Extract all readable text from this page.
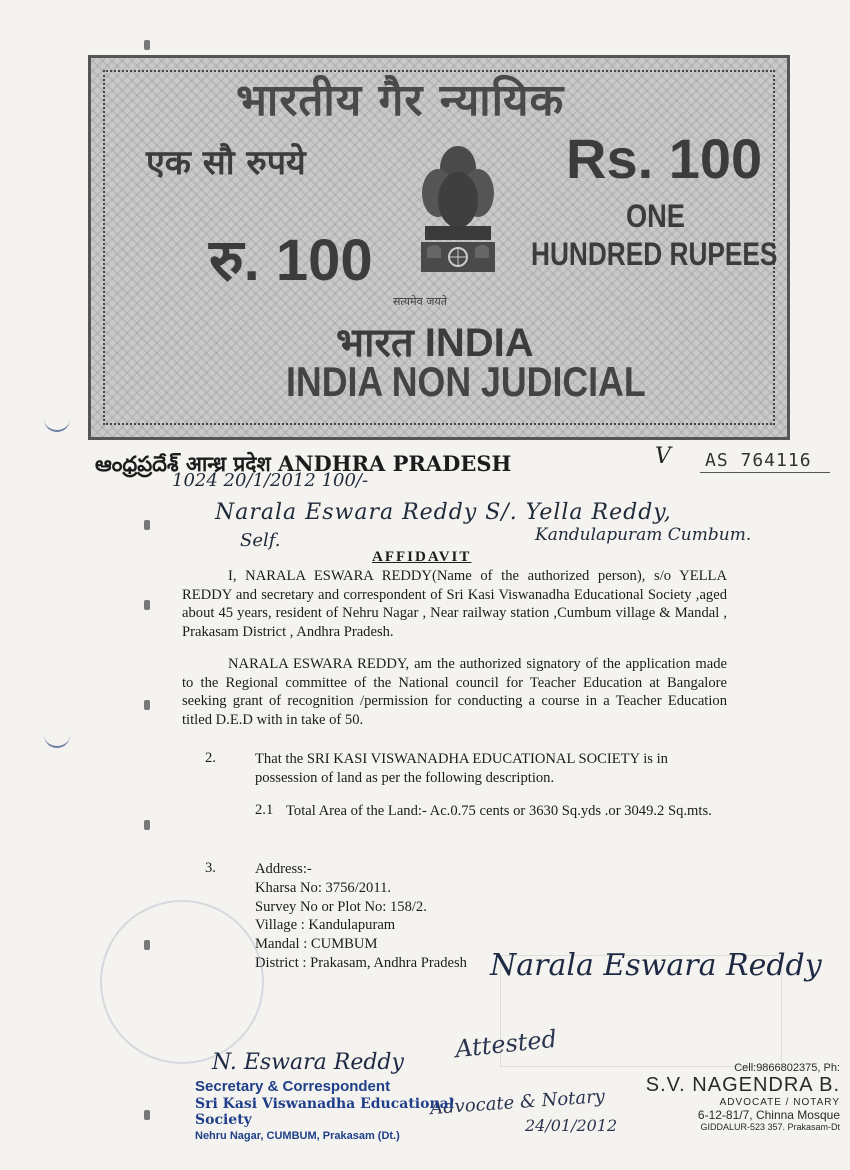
भारतीय गैर न्यायिक
एक सौ रुपये	Rs. 100
ONE
HUNDRED RUPEES
रु. 100
सत्यमेव जयते
भारत INDIA
INDIA NON JUDICIAL
ఆంధ్రప్రదేశ్ आन्ध्र प्रदेश ANDHRA PRADESH	V AS 764116
1024 20/1/2012 100/-
Narala Eswara Reddy S/. Yella Reddy,
Self.	Kandulapuram Cumbum.
AFFIDAVIT
I, NARALA ESWARA REDDY(Name of the authorized person), s/o YELLA REDDY and secretary and correspondent of Sri Kasi Viswanadha Educational Society ,aged about 45 years, resident of Nehru Nagar , Near railway station ,Cumbum village & Mandal , Prakasam District , Andhra Pradesh.
NARALA ESWARA REDDY, am the authorized signatory of the application made to the Regional committee of the National council for Teacher Education at Bangalore seeking grant of recognition /permission for conducting a course in a Teacher Education titled D.E.D with in take of 50.
2.	That the SRI KASI VISWANADHA EDUCATIONAL SOCIETY is in possession of land as per the following description.
2.1 Total Area of the Land:- Ac.0.75 cents or 3630 Sq.yds .or 3049.2 Sq.mts.
3.	Address:-
Kharsa No: 3756/2011.
Survey No or Plot No: 158/2.
Village : Kandulapuram
Mandal : CUMBUM
District : Prakasam, Andhra Pradesh Narala Eswara Reddy
Attested
N. Eswara Reddy
Advocate & Notary
24/01/2012
Secretary & Correspondent
Sri Kasi Viswanadha Educational Society
Nehru Nagar, CUMBUM, Prakasam (Dt.)
Cell:9866802375, Ph:
S.V. NAGENDRA B.
ADVOCATE / NOTARY
6-12-81/7, Chinna Mosque
GIDDALUR-523 357. Prakasam-Dt
